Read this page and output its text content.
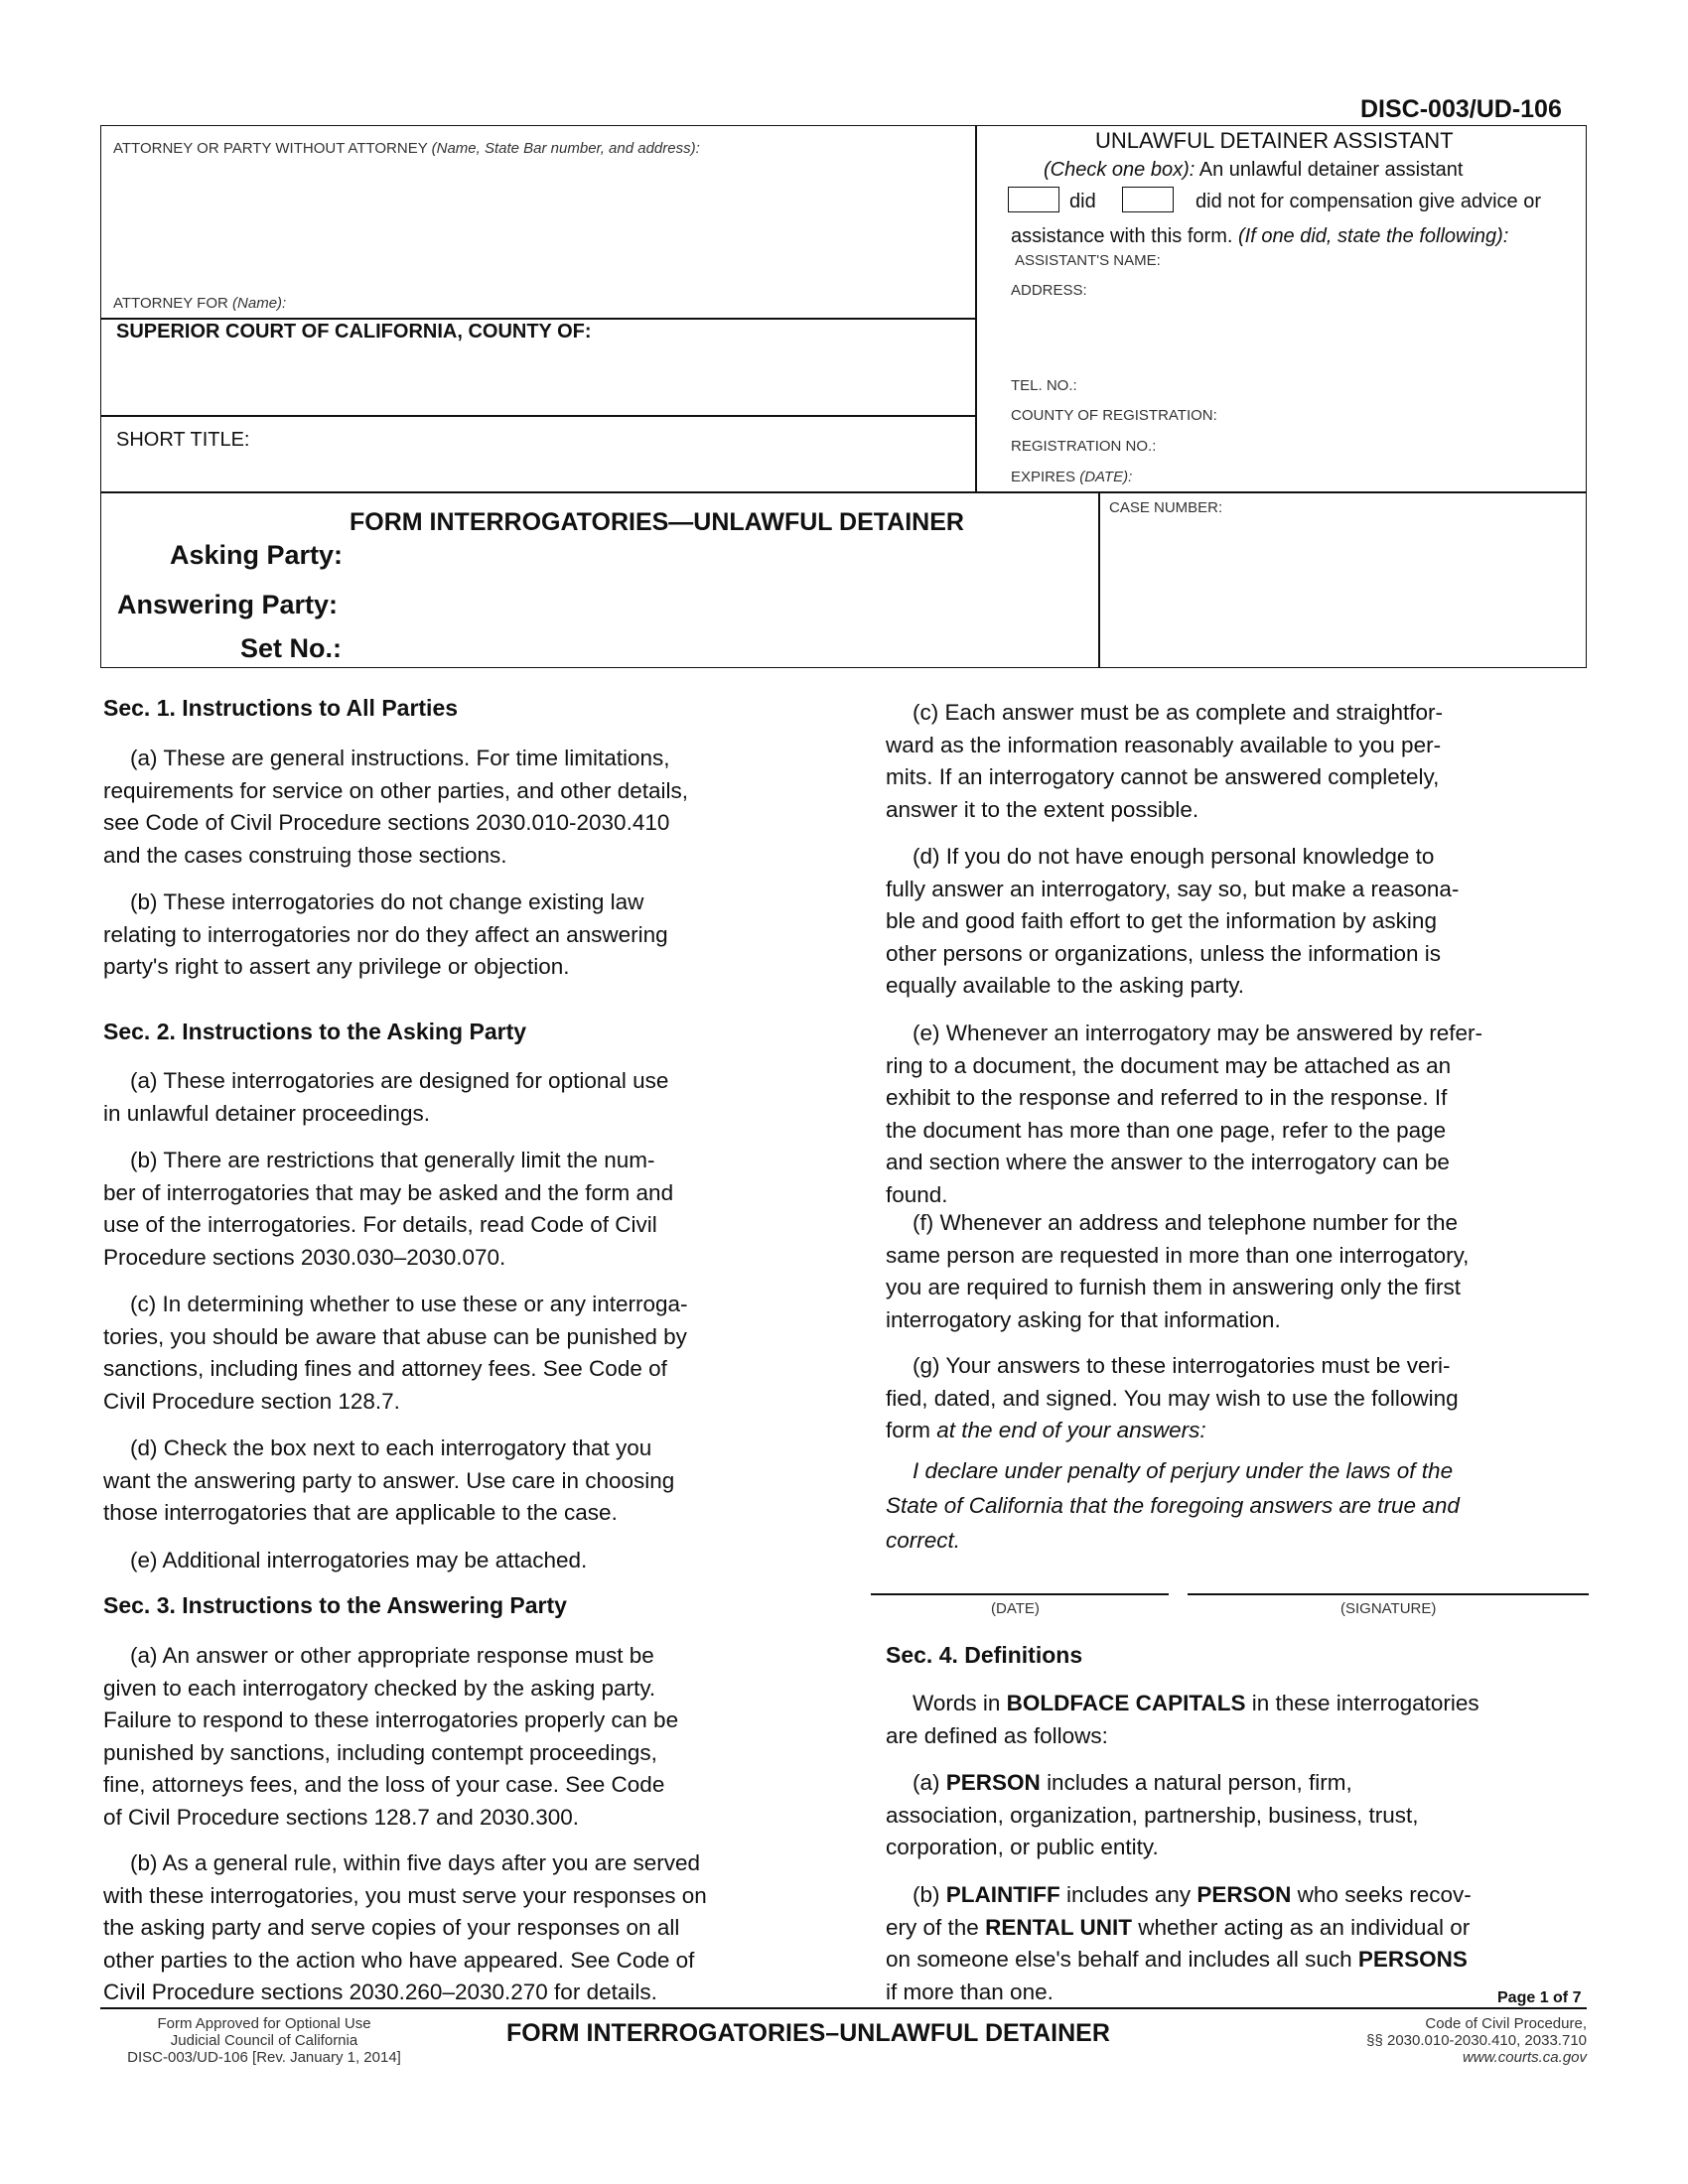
DISC-003/UD-106
ATTORNEY OR PARTY WITHOUT ATTORNEY (Name, State Bar number, and address):
ATTORNEY FOR (Name):
SUPERIOR COURT OF CALIFORNIA, COUNTY OF:
SHORT TITLE:
UNLAWFUL DETAINER ASSISTANT
(Check one box): An unlawful detainer assistant
did	did not for compensation give advice or
assistance with this form. (If one did, state the following):
ASSISTANT'S NAME:
ADDRESS:
TEL. NO.:
COUNTY OF REGISTRATION:
REGISTRATION NO.:
EXPIRES (DATE):
FORM INTERROGATORIES—UNLAWFUL DETAINER
Asking Party:
Answering Party:
Set No.:
CASE NUMBER:
Sec. 1. Instructions to All Parties

(a) These are general instructions. For time limitations,

requirements for service on other parties, and other details,

see Code of Civil Procedure sections 2030.010-2030.410

and the cases construing those sections.

(b) These interrogatories do not change existing law

relating to interrogatories nor do they affect an answering

party's right to assert any privilege or objection.

Sec. 2. Instructions to the Asking Party

(a) These interrogatories are designed for optional use

in unlawful detainer proceedings.

(b) There are restrictions that generally limit the num-

ber of interrogatories that may be asked and the form and

use of the interrogatories. For details, read Code of Civil

Procedure sections 2030.030–2030.070.

(c) In determining whether to use these or any interroga-

tories, you should be aware that abuse can be punished by

sanctions, including fines and attorney fees. See Code of

Civil Procedure section 128.7.

(d) Check the box next to each interrogatory that you

want the answering party to answer. Use care in choosing

those interrogatories that are applicable to the case.

(e) Additional interrogatories may be attached.

Sec. 3. Instructions to the Answering Party

(a) An answer or other appropriate response must be

given to each interrogatory checked by the asking party.

Failure to respond to these interrogatories properly can be

punished by sanctions, including contempt proceedings,

fine, attorneys fees, and the loss of your case. See Code

of Civil Procedure sections 128.7 and 2030.300.

(b) As a general rule, within five days after you are served

with these interrogatories, you must serve your responses on

the asking party and serve copies of your responses on all

other parties to the action who have appeared. See Code of

Civil Procedure sections 2030.260–2030.270 for details.

(c) Each answer must be as complete and straightfor-

ward as the information reasonably available to you per-

mits. If an interrogatory cannot be answered completely,

answer it to the extent possible.

(d) If you do not have enough personal knowledge to

fully answer an interrogatory, say so, but make a reasona-

ble and good faith effort to get the information by asking

other persons or organizations, unless the information is

equally available to the asking party.

(e) Whenever an interrogatory may be answered by refer-

ring to a document, the document may be attached as an

exhibit to the response and referred to in the response. If

the document has more than one page, refer to the page

and section where the answer to the interrogatory can be

found.

(f) Whenever an address and telephone number for the

same person are requested in more than one interrogatory,

you are required to furnish them in answering only the first

interrogatory asking for that information.

(g) Your answers to these interrogatories must be veri-

fied, dated, and signed. You may wish to use the following

form at the end of your answers:

I declare under penalty of perjury under the laws of the

State of California that the foregoing answers are true and

correct.

(DATE)	(SIGNATURE)
Sec. 4. Definitions

Words in BOLDFACE CAPITALS in these interrogatories

are defined as follows:

(a) PERSON includes a natural person, firm,

association, organization, partnership, business, trust,

corporation, or public entity.

(b) PLAINTIFF includes any PERSON who seeks recov-

ery of the RENTAL UNIT whether acting as an individual or

on someone else's behalf and includes all such PERSONS

if more than one.	Page 1 of 7
Form Approved for Optional Use
Judicial Council of California
DISC-003/UD-106 [Rev. January 1, 2014]
FORM INTERROGATORIES–UNLAWFUL DETAINER	Code of Civil Procedure,
§§ 2030.010-2030.410, 2033.710
www.courts.ca.gov
